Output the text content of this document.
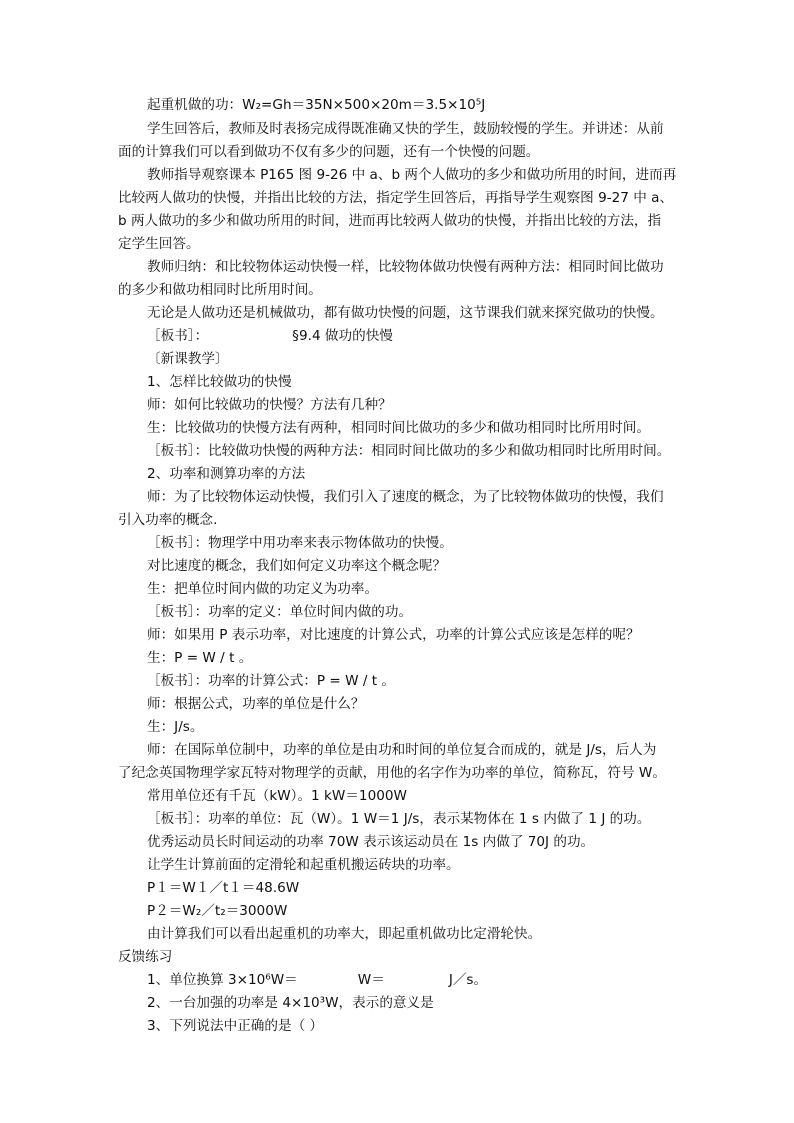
起重机做的功：W₂=Gh＝35N×500×20m＝3.5×10⁵J
学生回答后，教师及时表扬完成得既准确又快的学生，鼓励较慢的学生。并讲述：从前
面的计算我们可以看到做功不仅有多少的问题，还有一个快慢的问题。
教师指导观察课本 P165 图 9-26 中 a、b 两个人做功的多少和做功所用的时间，进而再
比较两人做功的快慢，并指出比较的方法，指定学生回答后，再指导学生观察图 9-27 中 a、
b 两人做功的多少和做功所用的时间，进而再比较两人做功的快慢，并指出比较的方法，指
定学生回答。
教师归纳：和比较物体运动快慢一样，比较物体做功快慢有两种方法：相同时间比做功
的多少和做功相同时比所用时间。
无论是人做功还是机械做功，都有做功快慢的问题，这节课我们就来探究做功的快慢。
［板书］：	§9.4 做功的快慢
〔新课教学〕
1、怎样比较做功的快慢
师：如何比较做功的快慢？方法有几种？
生：比较做功的快慢方法有两种，相同时间比做功的多少和做功相同时比所用时间。
［板书］：比较做功快慢的两种方法：相同时间比做功的多少和做功相同时比所用时间。
2、功率和测算功率的方法
师：为了比较物体运动快慢，我们引入了速度的概念，为了比较物体做功的快慢，我们
引入功率的概念.
［板书］：物理学中用功率来表示物体做功的快慢。
对比速度的概念，我们如何定义功率这个概念呢？
生：把单位时间内做的功定义为功率。
［板书］：功率的定义：单位时间内做的功。
师：如果用 P 表示功率，对比速度的计算公式，功率的计算公式应该是怎样的呢？
生：P = W / t 。
［板书］：功率的计算公式：P = W / t 。
师：根据公式，功率的单位是什么？
生：J/s。
师：在国际单位制中，功率的单位是由功和时间的单位复合而成的，就是 J/s，后人为
了纪念英国物理学家瓦特对物理学的贡献，用他的名字作为功率的单位，简称瓦，符号 W。
常用单位还有千瓦（kW）。1 kW＝1000W
［板书］：功率的单位：瓦（W）。1 W＝1 J/s，表示某物体在 1 s 内做了 1 J 的功。
优秀运动员长时间运动的功率 70W 表示该运动员在 1s 内做了 70J 的功。
让学生计算前面的定滑轮和起重机搬运砖块的功率。
P１＝W１／t１＝48.6W
P２＝W₂／t₂＝3000W
由计算我们可以看出起重机的功率大，即起重机做功比定滑轮快。
反馈练习
1、单位换算 3×10⁶W＝	W＝	J／s。
2、一台加强的功率是 4×10³W，表示的意义是
3、下列说法中正确的是（ ）
